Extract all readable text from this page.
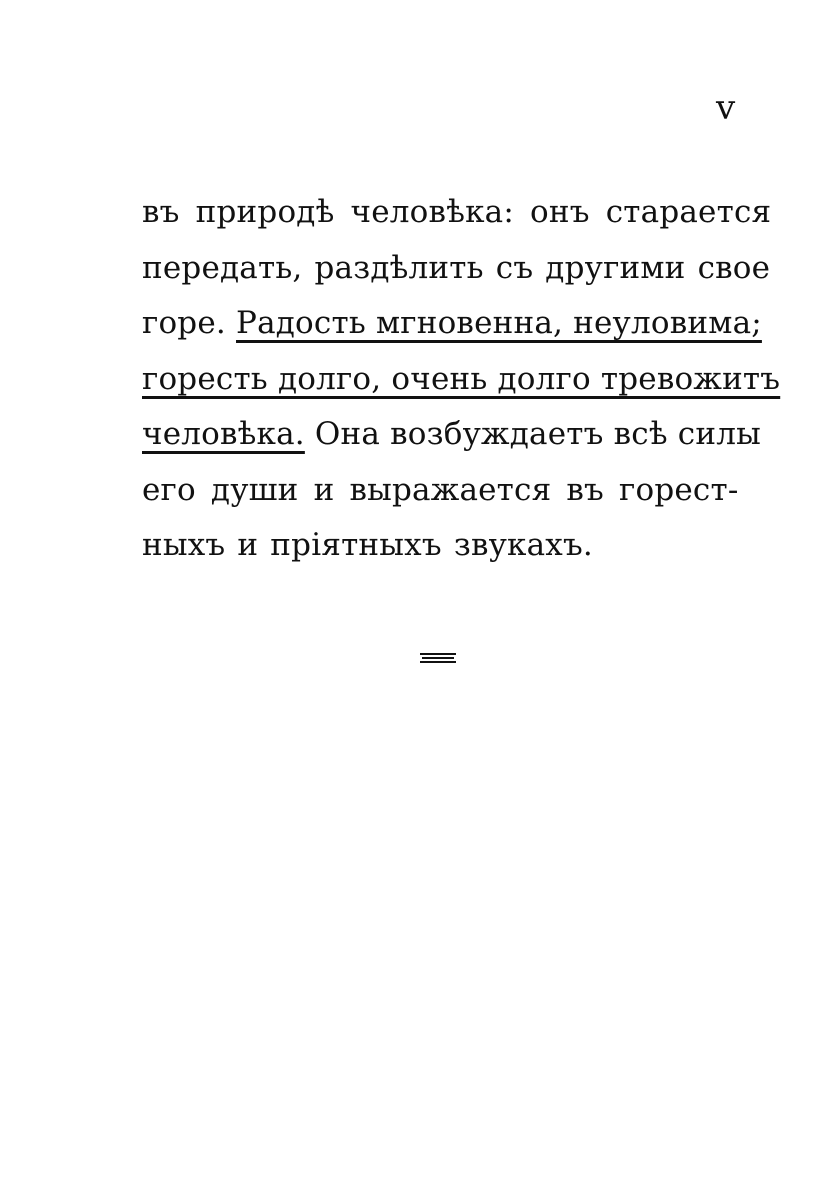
v
въ природѣ человѣка: онъ старается
передать, раздѣлить съ другими свое
горе. Радость мгновенна, неуловима;
горесть долго, очень долго тревожитъ
человѣка. Она возбуждаетъ всѣ силы
его души и выражается въ горест-
ныхъ и пріятныхъ звукахъ.
